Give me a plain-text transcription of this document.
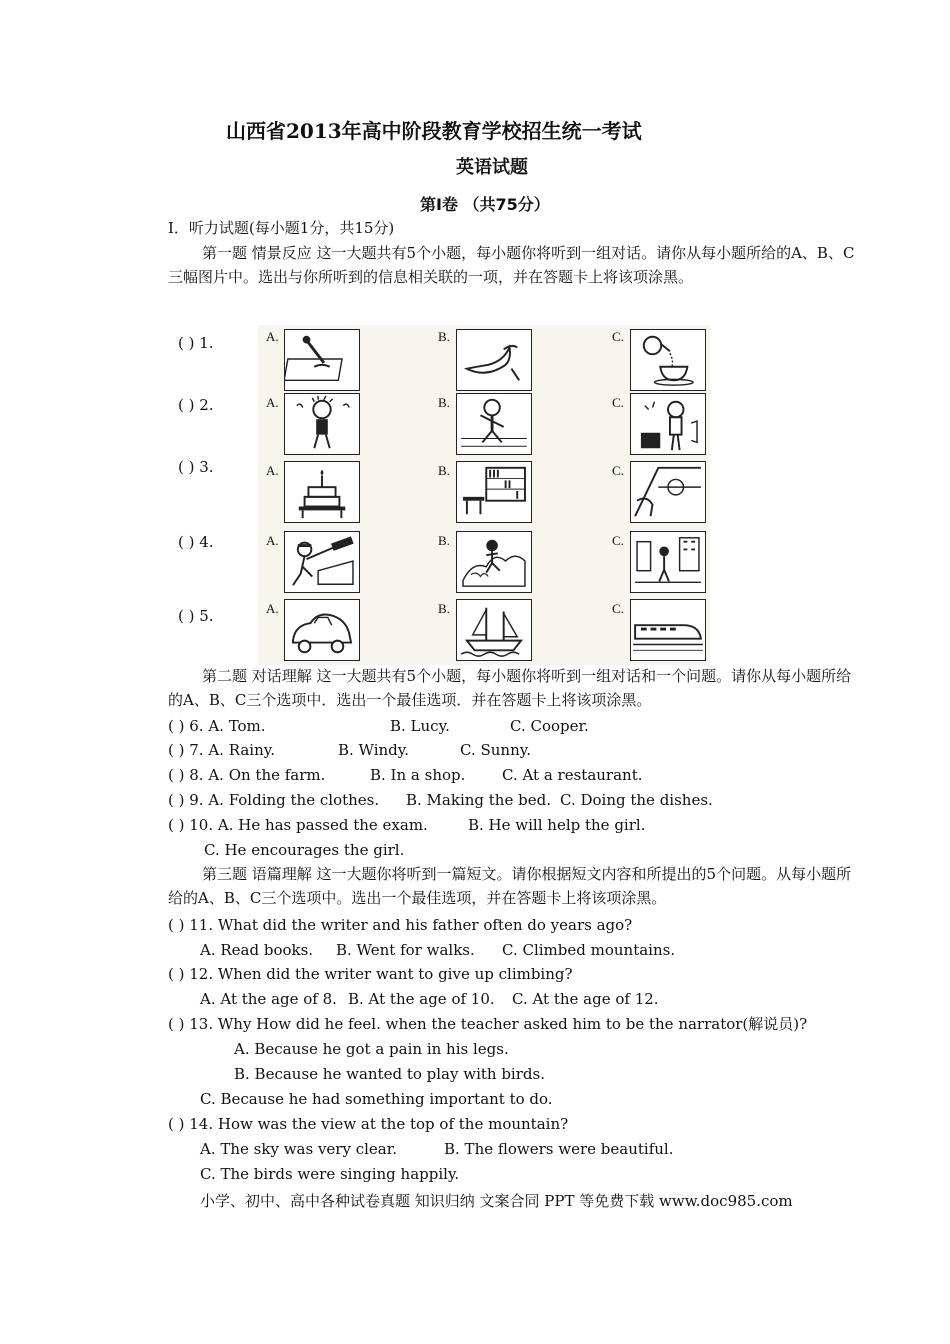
山西省2013年高中阶段教育学校招生统一考试
英语试题
第Ⅰ卷 （共75分）
Ⅰ．听力试题(每小题1分，共15分)
第一题 情景反应 这一大题共有5个小题，每小题你将听到一组对话。请你从每小题所给的A、B、C三幅图片中。选出与你所听到的信息相关联的一项，并在答题卡上将该项涂黑。
( ) 1.
( ) 2.
( ) 3.
( ) 4.
( ) 5.
A.	B.	C.
A.	B.	C.
A.	B.	C.
A.	B.	C.
A.	B.	C.
第二题 对话理解 这一大题共有5个小题，每小题你将听到一组对话和一个问题。请你从每小题所给的A、B、C三个选项中．选出一个最佳选项．并在答题卡上将该项涂黑。
( ) 6. A. Tom.	B. Lucy.	C. Cooper.
( ) 7. A. Rainy.	B. Windy.	C. Sunny.
( ) 8. A. On the farm.	B. In a shop. C. At a restaurant.
( ) 9. A. Folding the clothes. B. Making the bed. C. Doing the dishes.
( ) 10. A. He has passed the exam.	B. He will help the girl.
C. He encourages the girl.
第三题 语篇理解 这一大题你将听到一篇短文。请你根据短文内容和所提出的5个问题。从每小题所给的A、B、C三个选项中。选出一个最佳选项，并在答题卡上将该项涂黑。
( ) 11. What did the writer and his father often do years ago?
A. Read books. B. Went for walks. C. Climbed mountains.
( ) 12. When did the writer want to give up climbing?
A. At the age of 8. B. At the age of 10. C. At the age of 12.
( ) 13. Why How did he feel. when the teacher asked him to be the narrator(解说员)?
A. Because he got a pain in his legs.
B. Because he wanted to play with birds.
C. Because he had something important to do.
( ) 14. How was the view at the top of the mountain?
A. The sky was very clear.	B. The flowers were beautiful.
C. The birds were singing happily.
小学、初中、高中各种试卷真题 知识归纳 文案合同 PPT 等免费下载 www.doc985.com
